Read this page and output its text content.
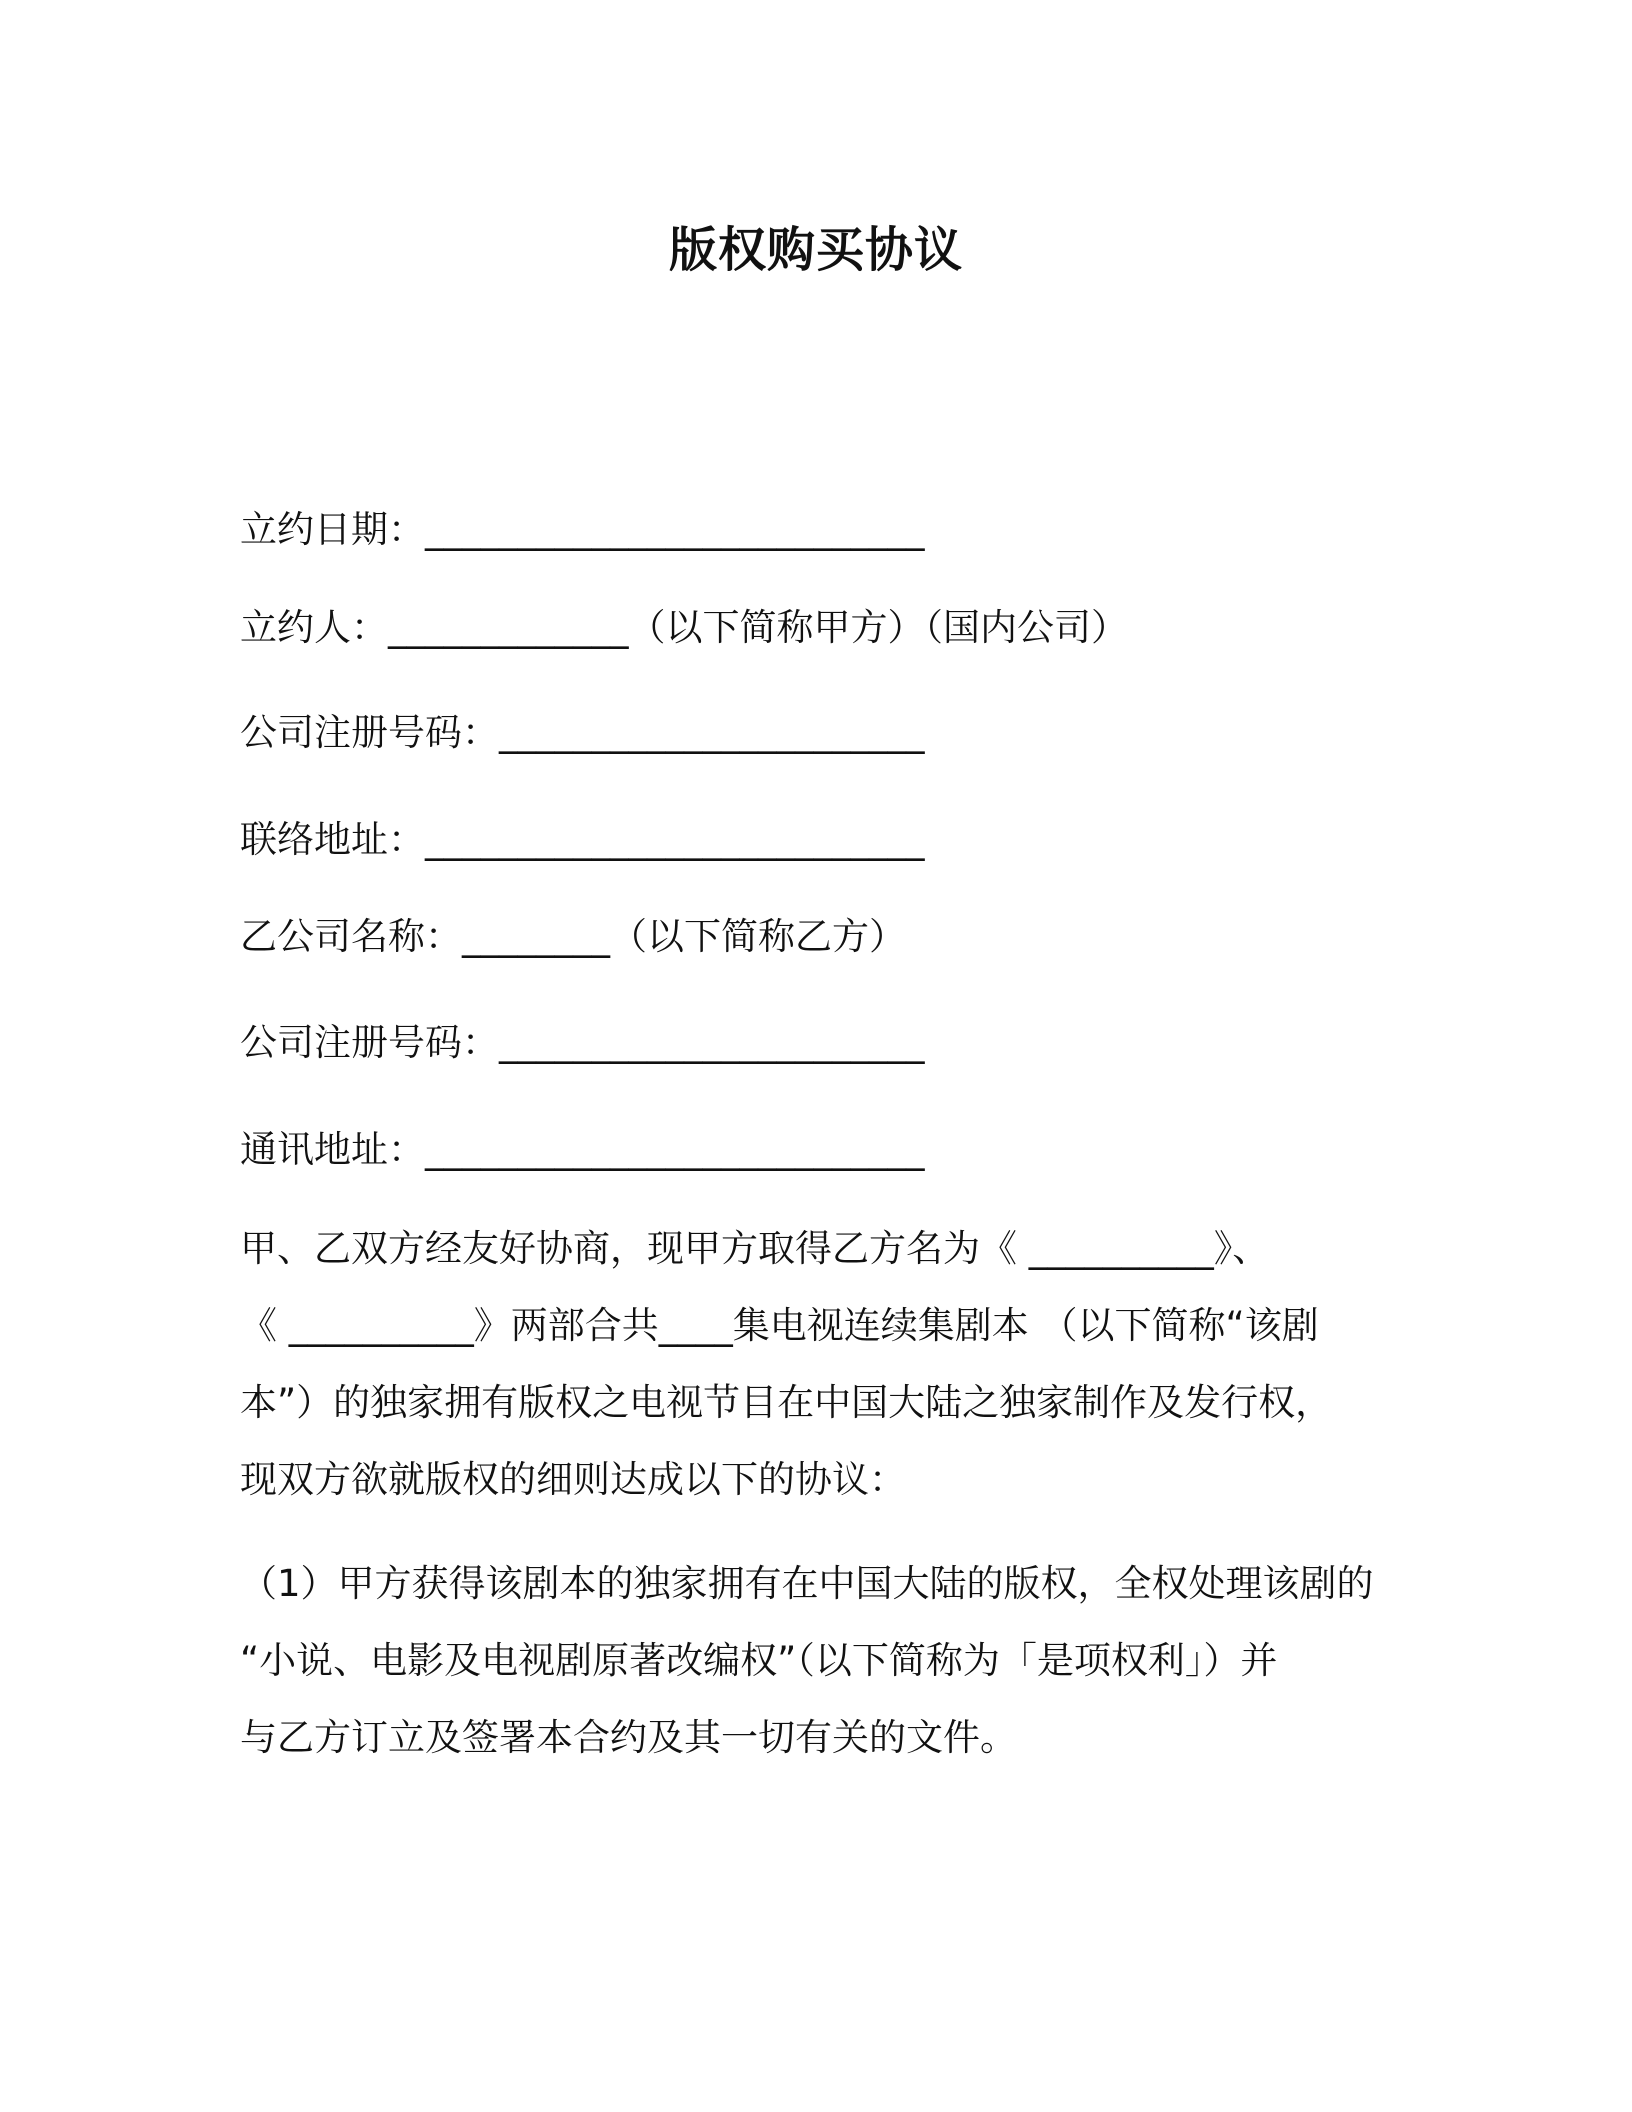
版权购买协议
立约日期：___________________________
立约人：_____________（以下简称甲方）（国内公司）
公司注册号码：_______________________
联络地址：___________________________
乙公司名称：________（以下简称乙方）
公司注册号码：_______________________
通讯地址：___________________________
甲、乙双方经友好协商，现甲方取得乙方名为《 __________》、
《 __________》两部合共____集电视连续集剧本 （以下简称“该剧
本”）的独家拥有版权之电视节目在中国大陆之独家制作及发行权，
现双方欲就版权的细则达成以下的协议：
（1）甲方获得该剧本的独家拥有在中国大陆的版权，全权处理该剧的
“小说、电影及电视剧原著改编权”（以下简称为「是项权利」）并
与乙方订立及签署本合约及其一切有关的文件。
